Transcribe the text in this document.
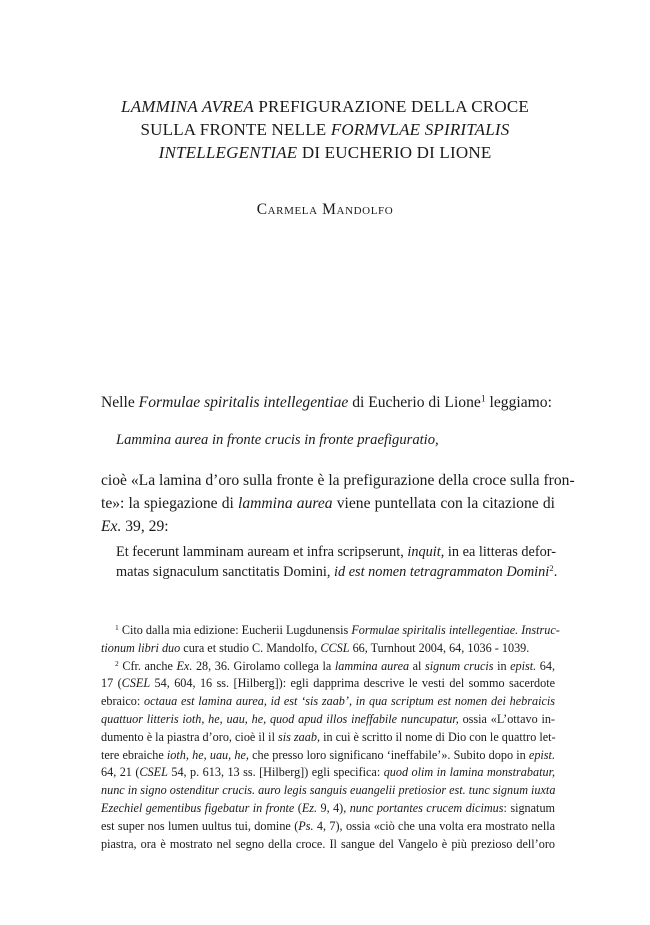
LAMMINA AVREA PREFIGURAZIONE DELLA CROCE
SULLA FRONTE NELLE FORMVLAE SPIRITALIS
INTELLEGENTIAE DI EUCHERIO DI LIONE
Carmela Mandolfo
Nelle Formulae spiritalis intellegentiae di Eucherio di Lione$^1$ leggiamo:
Lammina aurea in fronte crucis in fronte praefiguratio,
cioè «La lamina d’oro sulla fronte è la prefigurazione della croce sulla fron-
te»: la spiegazione di lammina aurea viene puntellata con la citazione di
Ex. 39, 29:
Et fecerunt lamminam auream et infra scripserunt, inquit, in ea litteras defor-
matas signaculum sanctitatis Domini, id est nomen tetragrammaton Domini$^2$.
$^1$ Cito dalla mia edizione: Eucherii Lugdunensis Formulae spiritalis intellegentiae. Instruc-
tionum libri duo cura et studio C. Mandolfo, CCSL 66, Turnhout 2004, 64, 1036 - 1039.
$^2$ Cfr. anche Ex. 28, 36. Girolamo collega la lammina aurea al signum crucis in epist. 64,
17 (CSEL 54, 604, 16 ss. [Hilberg]): egli dapprima descrive le vesti del sommo sacerdote
ebraico: octaua est lamina aurea, id est ‘sis zaab’, in qua scriptum est nomen dei hebraicis
quattuor litteris ioth, he, uau, he, quod apud illos ineffabile nuncupatur, ossia «L’ottavo in-
dumento è la piastra d’oro, cioè il il sis zaab, in cui è scritto il nome di Dio con le quattro let-
tere ebraiche ioth, he, uau, he, che presso loro significano ‘ineffabile’». Subito dopo in epist.
64, 21 (CSEL 54, p. 613, 13 ss. [Hilberg]) egli specifica: quod olim in lamina monstrabatur,
nunc in signo ostenditur crucis. auro legis sanguis euangelii pretiosior est. tunc signum iuxta
Ezechiel gementibus figebatur in fronte (Ez. 9, 4), nunc portantes crucem dicimus: signatum
est super nos lumen uultus tui, domine (Ps. 4, 7), ossia «ciò che una volta era mostrato nella
piastra, ora è mostrato nel segno della croce. Il sangue del Vangelo è più prezioso dell’oro
